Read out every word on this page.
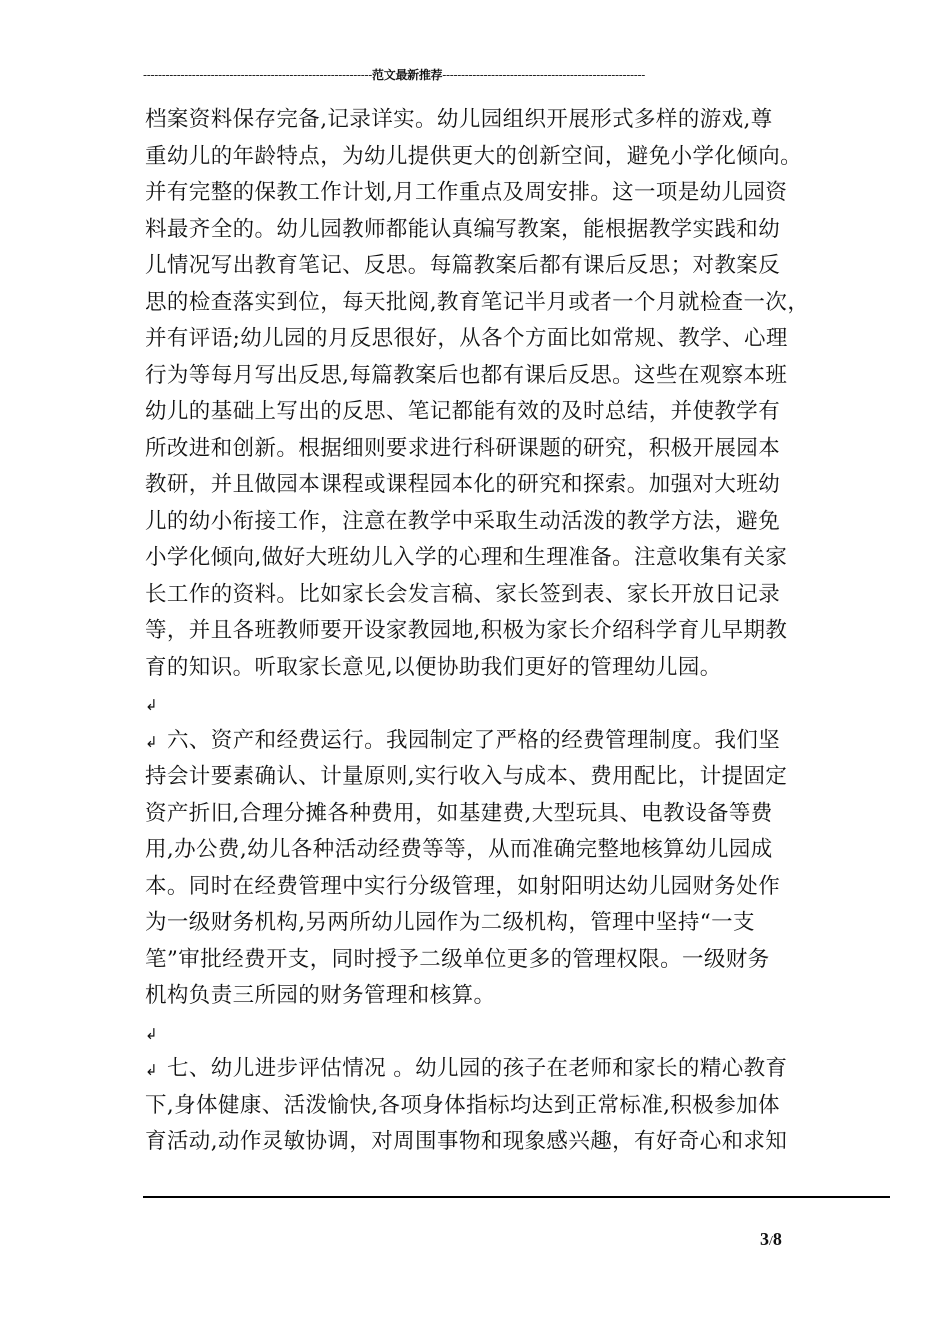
-------------------------------------------------------------范文最新推荐------------------------------------------------------
档案资料保存完备,记录详实。幼儿园组织开展形式多样的游戏,尊
重幼儿的年龄特点，为幼儿提供更大的创新空间，避免小学化倾向。
并有完整的保教工作计划,月工作重点及周安排。这一项是幼儿园资
料最齐全的。幼儿园教师都能认真编写教案，能根据教学实践和幼
儿情况写出教育笔记、反思。每篇教案后都有课后反思；对教案反
思的检查落实到位，每天批阅,教育笔记半月或者一个月就检查一次，
并有评语;幼儿园的月反思很好，从各个方面比如常规、教学、心理
行为等每月写出反思,每篇教案后也都有课后反思。这些在观察本班
幼儿的基础上写出的反思、笔记都能有效的及时总结，并使教学有
所改进和创新。根据细则要求进行科研课题的研究，积极开展园本
教研，并且做园本课程或课程园本化的研究和探索。加强对大班幼
儿的幼小衔接工作，注意在教学中采取生动活泼的教学方法，避免
小学化倾向,做好大班幼儿入学的心理和生理准备。注意收集有关家
长工作的资料。比如家长会发言稿、家长签到表、家长开放日记录
等，并且各班教师要开设家教园地,积极为家长介绍科学育儿早期教
育的知识。听取家长意见,以便协助我们更好的管理幼儿园。
↲
↲ 六、资产和经费运行。我园制定了严格的经费管理制度。我们坚
持会计要素确认、计量原则,实行收入与成本、费用配比，计提固定
资产折旧,合理分摊各种费用，如基建费,大型玩具、电教设备等费
用,办公费,幼儿各种活动经费等等，从而准确完整地核算幼儿园成
本。同时在经费管理中实行分级管理，如射阳明达幼儿园财务处作
为一级财务机构,另两所幼儿园作为二级机构，管理中坚持“一支
笔”审批经费开支，同时授予二级单位更多的管理权限。一级财务
机构负责三所园的财务管理和核算。
↲
↲ 七、幼儿进步评估情况 。幼儿园的孩子在老师和家长的精心教育
下,身体健康、活泼愉快,各项身体指标均达到正常标准,积极参加体
育活动,动作灵敏协调，对周围事物和现象感兴趣，有好奇心和求知
3/8
